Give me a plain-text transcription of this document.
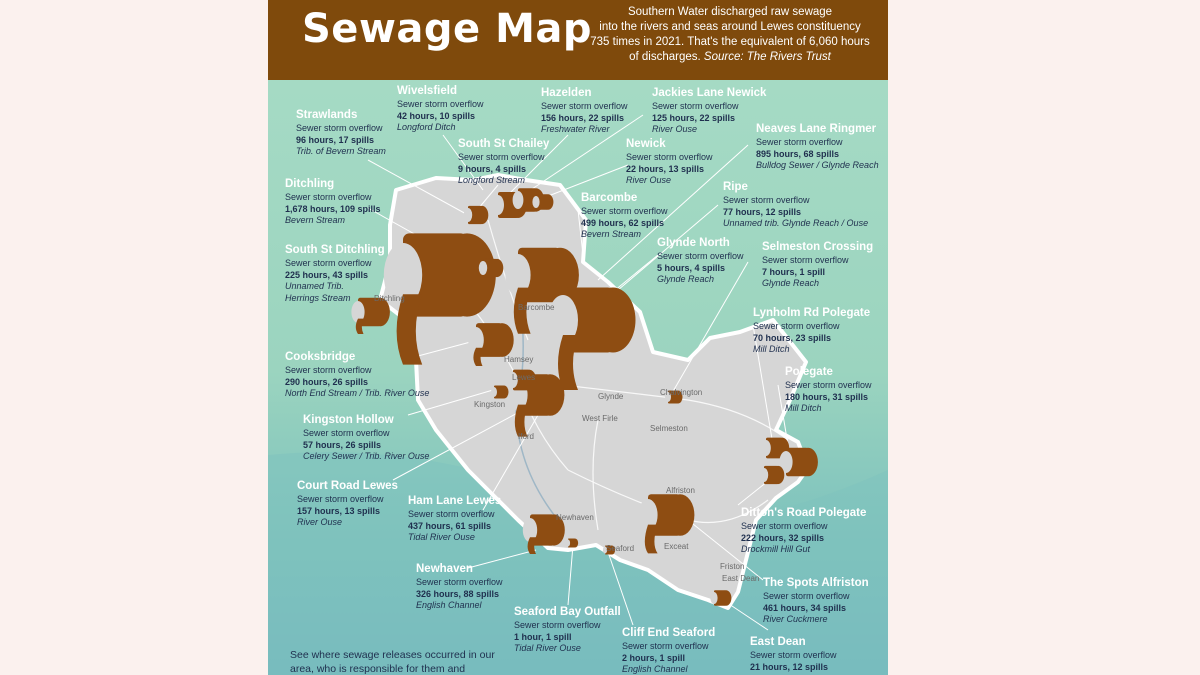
Ditchling
Barcombe
Lewes
Kingston
Glynde
West Firle
Chalvington
Selmeston
Alfriston
Exceat
Seaford
Friston
East Dean
Newhaven
Hamsey
Iford
Sewage Map	Southern Water discharged raw sewage
into the rivers and seas around Lewes constituency
735 times in 2021. That's the equivalent of 6,060 hours
of discharges. Source: The Rivers Trust
Strawlands
Sewer storm overflow
96 hours, 17 spills
Trib. of Bevern Stream
Wivelsfield
Sewer storm overflow
42 hours, 10 spills
Longford Ditch
Hazelden
Sewer storm overflow
156 hours, 22 spills
Freshwater River
Jackies Lane Newick
Sewer storm overflow
125 hours, 22 spills
River Ouse
South St Chailey
Sewer storm overflow
9 hours, 4 spills
Longford Stream
Newick
Sewer storm overflow
22 hours, 13 spills
River Ouse
Neaves Lane Ringmer
Sewer storm overflow
895 hours, 68 spills
Bulldog Sewer / Glynde Reach
Ditchling
Sewer storm overflow
1,678 hours, 109 spills
Bevern Stream
Barcombe
Sewer storm overflow
499 hours, 62 spills
Bevern Stream
Ripe
Sewer storm overflow
77 hours, 12 spills
Unnamed trib. Glynde Reach / Ouse
South St Ditchling
Sewer storm overflow
225 hours, 43 spills
Unnamed Trib.
Herrings Stream
Glynde North
Sewer storm overflow
5 hours, 4 spills
Glynde Reach
Selmeston Crossing
Sewer storm overflow
7 hours, 1 spill
Glynde Reach
Lynholm Rd Polegate
Sewer storm overflow
70 hours, 23 spills
Mill Ditch
Cooksbridge
Sewer storm overflow
290 hours, 26 spills
North End Stream / Trib. River Ouse
Polegate
Sewer storm overflow
180 hours, 31 spills
Mill Ditch
Kingston Hollow
Sewer storm overflow
57 hours, 26 spills
Celery Sewer / Trib. River Ouse
Court Road Lewes
Sewer storm overflow
157 hours, 13 spills
River Ouse
Ham Lane Lewes
Sewer storm overflow
437 hours, 61 spills
Tidal River Ouse
Ditton's Road Polegate
Sewer storm overflow
222 hours, 32 spills
Drockmill Hill Gut
Newhaven
Sewer storm overflow
326 hours, 88 spills
English Channel
The Spots Alfriston
Sewer storm overflow
461 hours, 34 spills
River Cuckmere
Seaford Bay Outfall
Sewer storm overflow
1 hour, 1 spill
Tidal River Ouse
Cliff End Seaford
Sewer storm overflow
2 hours, 1 spill
English Channel
East Dean
Sewer storm overflow
21 hours, 12 spills
See where sewage releases occurred in our
area, who is responsible for them and
